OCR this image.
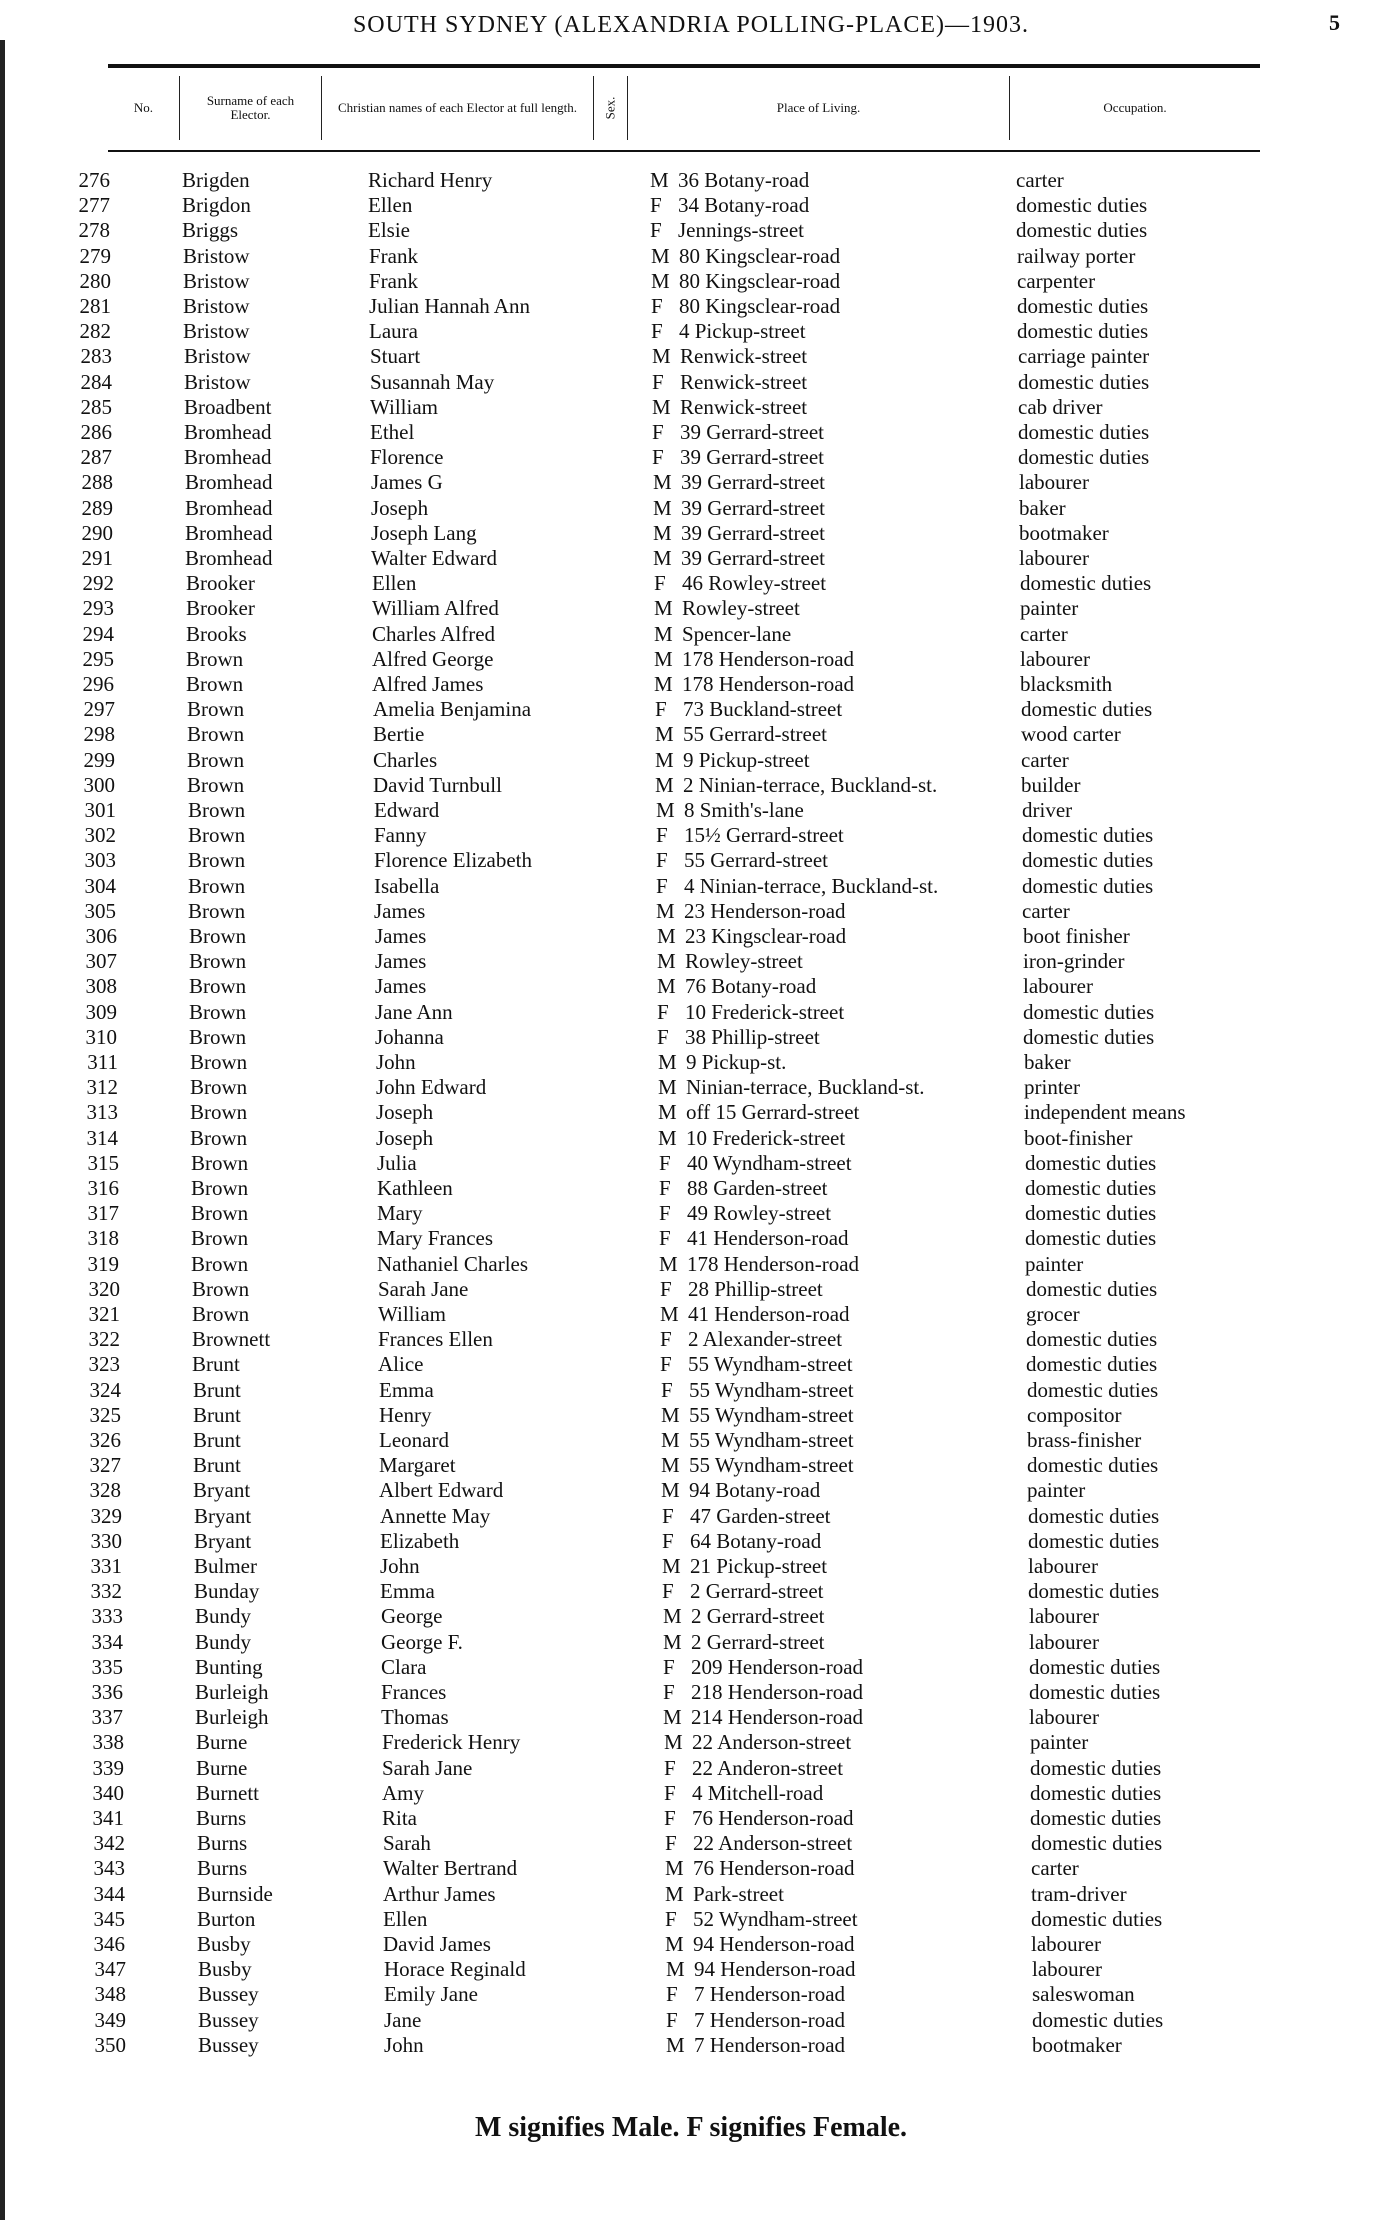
SOUTH SYDNEY (ALEXANDRIA POLLING-PLACE)—1903.	5
No.	Surname of each Elector.	Christian names of each Elector at full length.	Sex.	Place of Living.	Occupation.
276	Brigden	Richard Henry	M 36 Botany-road	carter
277	Brigdon	Ellen	F 34 Botany-road	domestic duties
278	Briggs	Elsie	F Jennings-street	domestic duties
279	Bristow	Frank	M 80 Kingsclear-road	railway porter
280	Bristow	Frank	M 80 Kingsclear-road	carpenter
281	Bristow	Julian Hannah Ann	F 80 Kingsclear-road	domestic duties
282	Bristow	Laura	F 4 Pickup-street	domestic duties
283	Bristow	Stuart	M Renwick-street	carriage painter
284	Bristow	Susannah May	F Renwick-street	domestic duties
285	Broadbent	William	M Renwick-street	cab driver
286	Bromhead	Ethel	F 39 Gerrard-street	domestic duties
287	Bromhead	Florence	F 39 Gerrard-street	domestic duties
288	Bromhead	James G	M 39 Gerrard-street	labourer
289	Bromhead	Joseph	M 39 Gerrard-street	baker
290	Bromhead	Joseph Lang	M 39 Gerrard-street	bootmaker
291	Bromhead	Walter Edward	M 39 Gerrard-street	labourer
292	Brooker	Ellen	F 46 Rowley-street	domestic duties
293	Brooker	William Alfred	M Rowley-street	painter
294	Brooks	Charles Alfred	M Spencer-lane	carter
295	Brown	Alfred George	M 178 Henderson-road	labourer
296	Brown	Alfred James	M 178 Henderson-road	blacksmith
297	Brown	Amelia Benjamina	F 73 Buckland-street	domestic duties
298	Brown	Bertie	M 55 Gerrard-street	wood carter
299	Brown	Charles	M 9 Pickup-street	carter
300	Brown	David Turnbull	M 2 Ninian-terrace, Buckland-st.	builder
301	Brown	Edward	M 8 Smith's-lane	driver
302	Brown	Fanny	F 15½ Gerrard-street	domestic duties
303	Brown	Florence Elizabeth	F 55 Gerrard-street	domestic duties
304	Brown	Isabella	F 4 Ninian-terrace, Buckland-st.	domestic duties
305	Brown	James	M 23 Henderson-road	carter
306	Brown	James	M 23 Kingsclear-road	boot finisher
307	Brown	James	M Rowley-street	iron-grinder
308	Brown	James	M 76 Botany-road	labourer
309	Brown	Jane Ann	F 10 Frederick-street	domestic duties
310	Brown	Johanna	F 38 Phillip-street	domestic duties
311	Brown	John	M 9 Pickup-st.	baker
312	Brown	John Edward	M Ninian-terrace, Buckland-st.	printer
313	Brown	Joseph	M off 15 Gerrard-street	independent means
314	Brown	Joseph	M 10 Frederick-street	boot-finisher
315	Brown	Julia	F 40 Wyndham-street	domestic duties
316	Brown	Kathleen	F 88 Garden-street	domestic duties
317	Brown	Mary	F 49 Rowley-street	domestic duties
318	Brown	Mary Frances	F 41 Henderson-road	domestic duties
319	Brown	Nathaniel Charles	M 178 Henderson-road	painter
320	Brown	Sarah Jane	F 28 Phillip-street	domestic duties
321	Brown	William	M 41 Henderson-road	grocer
322	Brownett	Frances Ellen	F 2 Alexander-street	domestic duties
323	Brunt	Alice	F 55 Wyndham-street	domestic duties
324	Brunt	Emma	F 55 Wyndham-street	domestic duties
325	Brunt	Henry	M 55 Wyndham-street	compositor
326	Brunt	Leonard	M 55 Wyndham-street	brass-finisher
327	Brunt	Margaret	M 55 Wyndham-street	domestic duties
328	Bryant	Albert Edward	M 94 Botany-road	painter
329	Bryant	Annette May	F 47 Garden-street	domestic duties
330	Bryant	Elizabeth	F 64 Botany-road	domestic duties
331	Bulmer	John	M 21 Pickup-street	labourer
332	Bunday	Emma	F 2 Gerrard-street	domestic duties
333	Bundy	George	M 2 Gerrard-street	labourer
334	Bundy	George F.	M 2 Gerrard-street	labourer
335	Bunting	Clara	F 209 Henderson-road	domestic duties
336	Burleigh	Frances	F 218 Henderson-road	domestic duties
337	Burleigh	Thomas	M 214 Henderson-road	labourer
338	Burne	Frederick Henry	M 22 Anderson-street	painter
339	Burne	Sarah Jane	F 22 Anderon-street	domestic duties
340	Burnett	Amy	F 4 Mitchell-road	domestic duties
341	Burns	Rita	F 76 Henderson-road	domestic duties
342	Burns	Sarah	F 22 Anderson-street	domestic duties
343	Burns	Walter Bertrand	M 76 Henderson-road	carter
344	Burnside	Arthur James	M Park-street	tram-driver
345	Burton	Ellen	F 52 Wyndham-street	domestic duties
346	Busby	David James	M 94 Henderson-road	labourer
347	Busby	Horace Reginald	M 94 Henderson-road	labourer
348	Bussey	Emily Jane	F 7 Henderson-road	saleswoman
349	Bussey	Jane	F 7 Henderson-road	domestic duties
350	Bussey	John	M 7 Henderson-road	bootmaker
M signifies Male. F signifies Female.
